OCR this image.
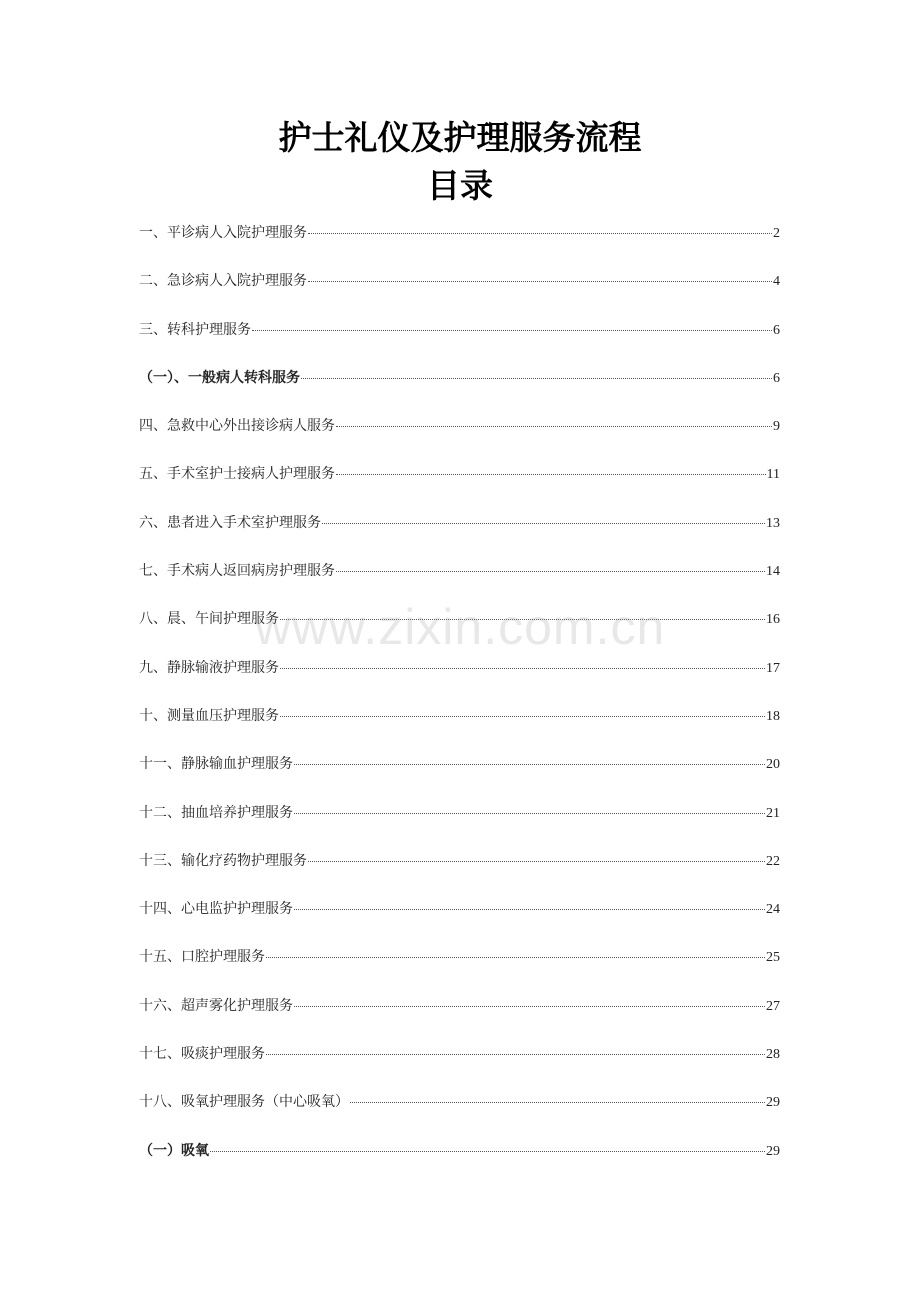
护士礼仪及护理服务流程
目录
一、平诊病人入院护理服务	2
二、急诊病人入院护理服务	4
三、转科护理服务	6
（一）、一般病人转科服务	6
四、急救中心外出接诊病人服务	9
五、手术室护士接病人护理服务	11
六、患者进入手术室护理服务	13
七、手术病人返回病房护理服务	14
八、晨、午间护理服务	16
九、静脉输液护理服务	17
十、测量血压护理服务	18
十一、静脉输血护理服务	20
十二、抽血培养护理服务	21
十三、输化疗药物护理服务	22
十四、心电监护护理服务	24
十五、口腔护理服务	25
十六、超声雾化护理服务	27
十七、吸痰护理服务	28
十八、吸氧护理服务（中心吸氧）	29
（一）吸氧	29
www.zixin.com.cn
